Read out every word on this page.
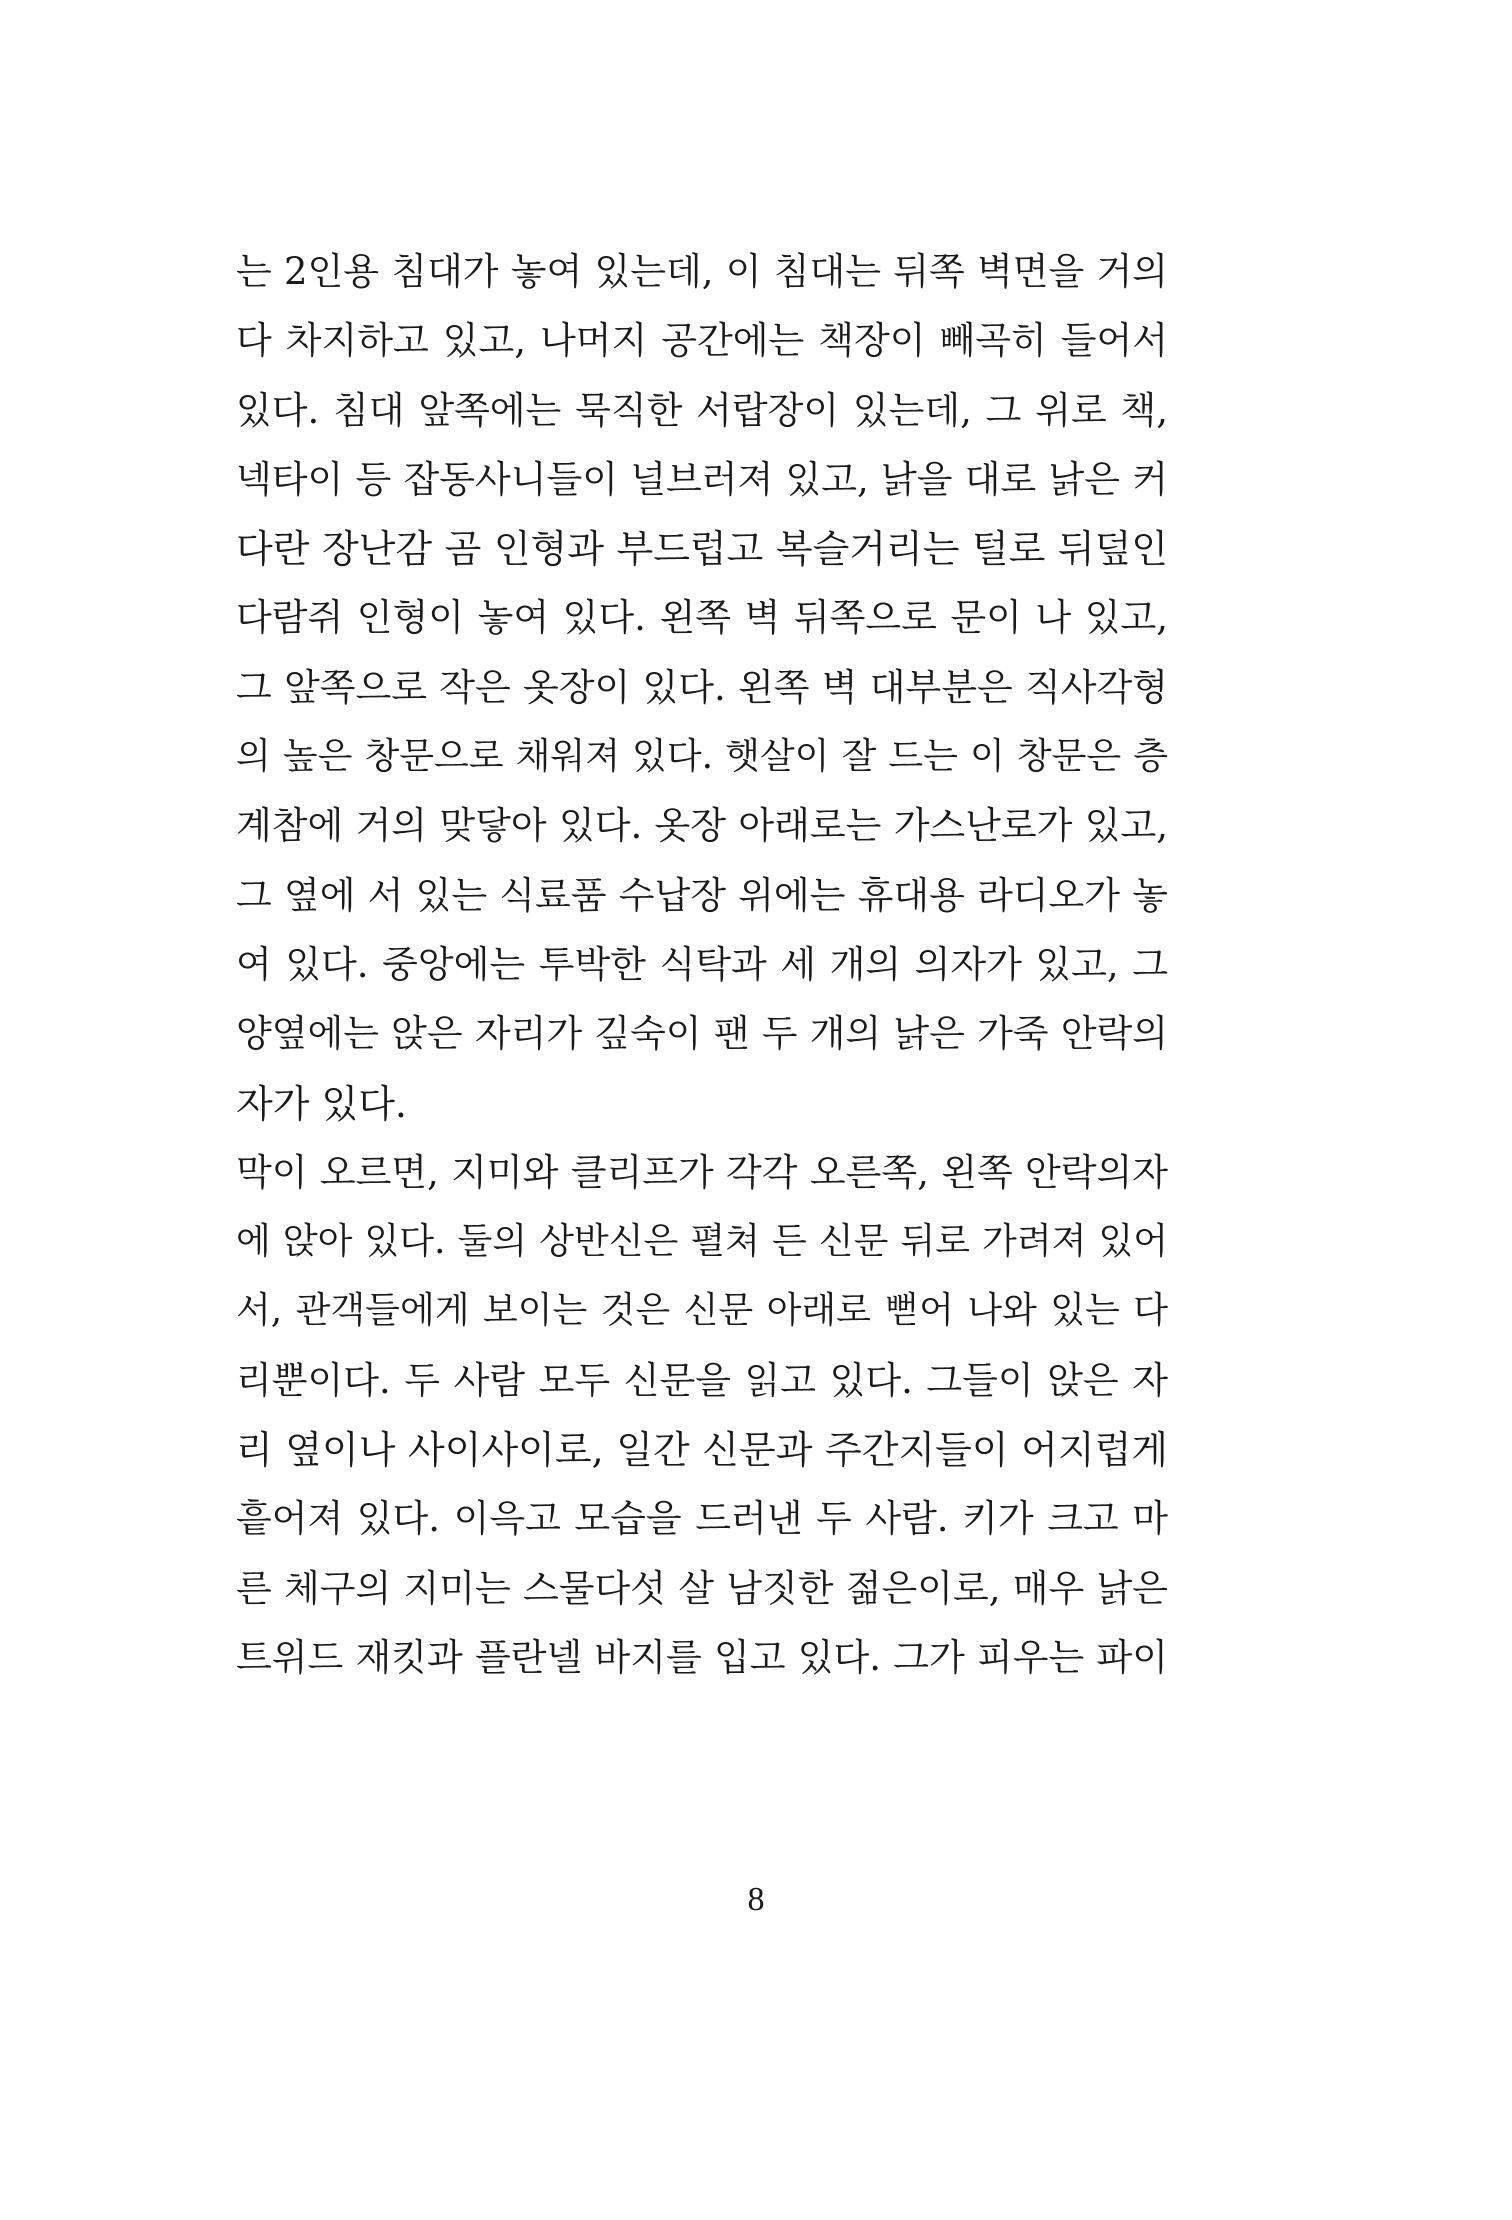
는 2인용 침대가 놓여 있는데, 이 침대는 뒤쪽 벽면을 거의
다 차지하고 있고, 나머지 공간에는 책장이 빼곡히 들어서
있다. 침대 앞쪽에는 묵직한 서랍장이 있는데, 그 위로 책,
넥타이 등 잡동사니들이 널브러져 있고, 낡을 대로 낡은 커
다란 장난감 곰 인형과 부드럽고 복슬거리는 털로 뒤덮인
다람쥐 인형이 놓여 있다. 왼쪽 벽 뒤쪽으로 문이 나 있고,
그 앞쪽으로 작은 옷장이 있다. 왼쪽 벽 대부분은 직사각형
의 높은 창문으로 채워져 있다. 햇살이 잘 드는 이 창문은 층
계참에 거의 맞닿아 있다. 옷장 아래로는 가스난로가 있고,
그 옆에 서 있는 식료품 수납장 위에는 휴대용 라디오가 놓
여 있다. 중앙에는 투박한 식탁과 세 개의 의자가 있고, 그
양옆에는 앉은 자리가 깊숙이 팬 두 개의 낡은 가죽 안락의
자가 있다.
막이 오르면, 지미와 클리프가 각각 오른쪽, 왼쪽 안락의자
에 앉아 있다. 둘의 상반신은 펼쳐 든 신문 뒤로 가려져 있어
서, 관객들에게 보이는 것은 신문 아래로 뻗어 나와 있는 다
리뿐이다. 두 사람 모두 신문을 읽고 있다. 그들이 앉은 자
리 옆이나 사이사이로, 일간 신문과 주간지들이 어지럽게
흩어져 있다. 이윽고 모습을 드러낸 두 사람. 키가 크고 마
른 체구의 지미는 스물다섯 살 남짓한 젊은이로, 매우 낡은
트위드 재킷과 플란넬 바지를 입고 있다. 그가 피우는 파이
8
